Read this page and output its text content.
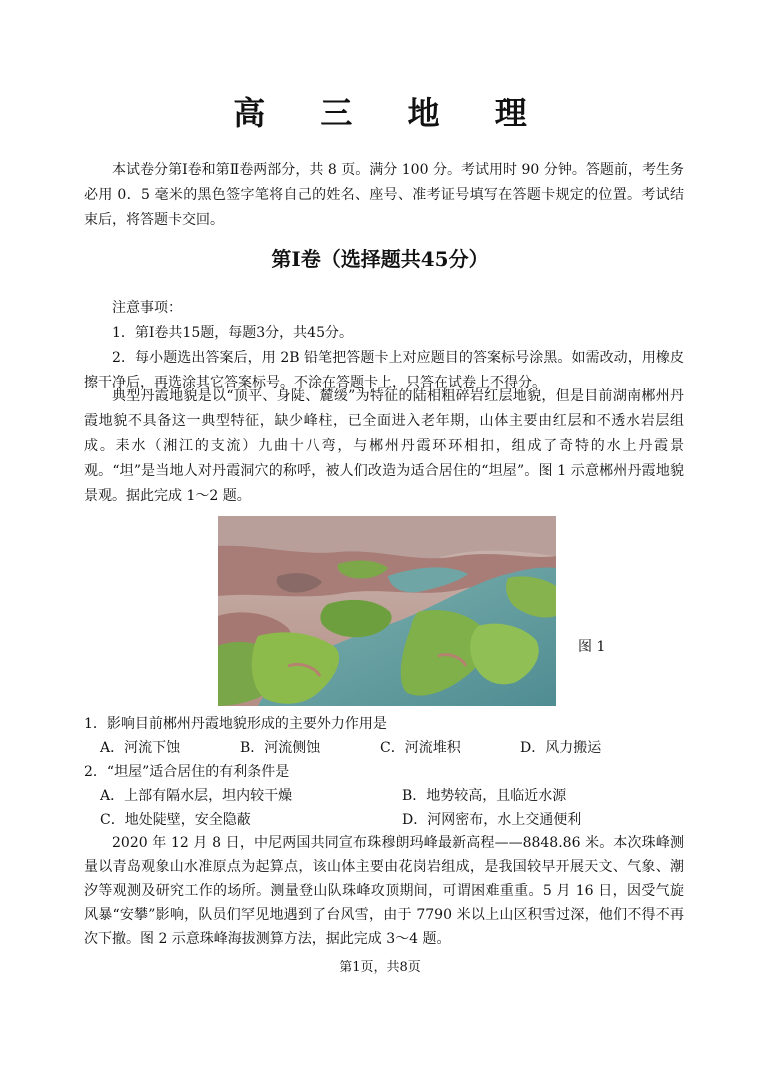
高 三 地 理
本试卷分第Ⅰ卷和第Ⅱ卷两部分，共 8 页。满分 100 分。考试用时 90 分钟。答题前，考生务必用 0．5 毫米的黑色签字笔将自己的姓名、座号、准考证号填写在答题卡规定的位置。考试结束后，将答题卡交回。
第Ⅰ卷（选择题共45分）
注意事项：
1．第Ⅰ卷共15题，每题3分，共45分。
2．每小题选出答案后，用 2B 铅笔把答题卡上对应题目的答案标号涂黑。如需改动，用橡皮擦干净后，再选涂其它答案标号。不涂在答题卡上，只答在试卷上不得分。
典型丹霞地貌是以“顶平、身陡、麓缓”为特征的陆相粗碎岩红层地貌，但是目前湖南郴州丹霞地貌不具备这一典型特征，缺少峰柱，已全面进入老年期，山体主要由红层和不透水岩层组成。耒水（湘江的支流）九曲十八弯，与郴州丹霞环环相扣，组成了奇特的水上丹霞景观。“坦”是当地人对丹霞洞穴的称呼，被人们改造为适合居住的“坦屋”。图 1 示意郴州丹霞地貌景观。据此完成 1～2 题。
图 1
1．影响目前郴州丹霞地貌形成的主要外力作用是
A．河流下蚀	B．河流侧蚀	C．河流堆积	D．风力搬运
2．“坦屋”适合居住的有利条件是
A．上部有隔水层，坦内较干燥	B．地势较高，且临近水源
C．地处陡壁，安全隐蔽	D．河网密布，水上交通便利
2020 年 12 月 8 日，中尼两国共同宣布珠穆朗玛峰最新高程——8848.86 米。本次珠峰测量以青岛观象山水准原点为起算点，该山体主要由花岗岩组成，是我国较早开展天文、气象、潮汐等观测及研究工作的场所。测量登山队珠峰攻顶期间，可谓困难重重。5 月 16 日，因受气旋风暴“安攀”影响，队员们罕见地遇到了台风雪，由于 7790 米以上山区积雪过深，他们不得不再次下撤。图 2 示意珠峰海拔测算方法，据此完成 3～4 题。
第1页，共8页
